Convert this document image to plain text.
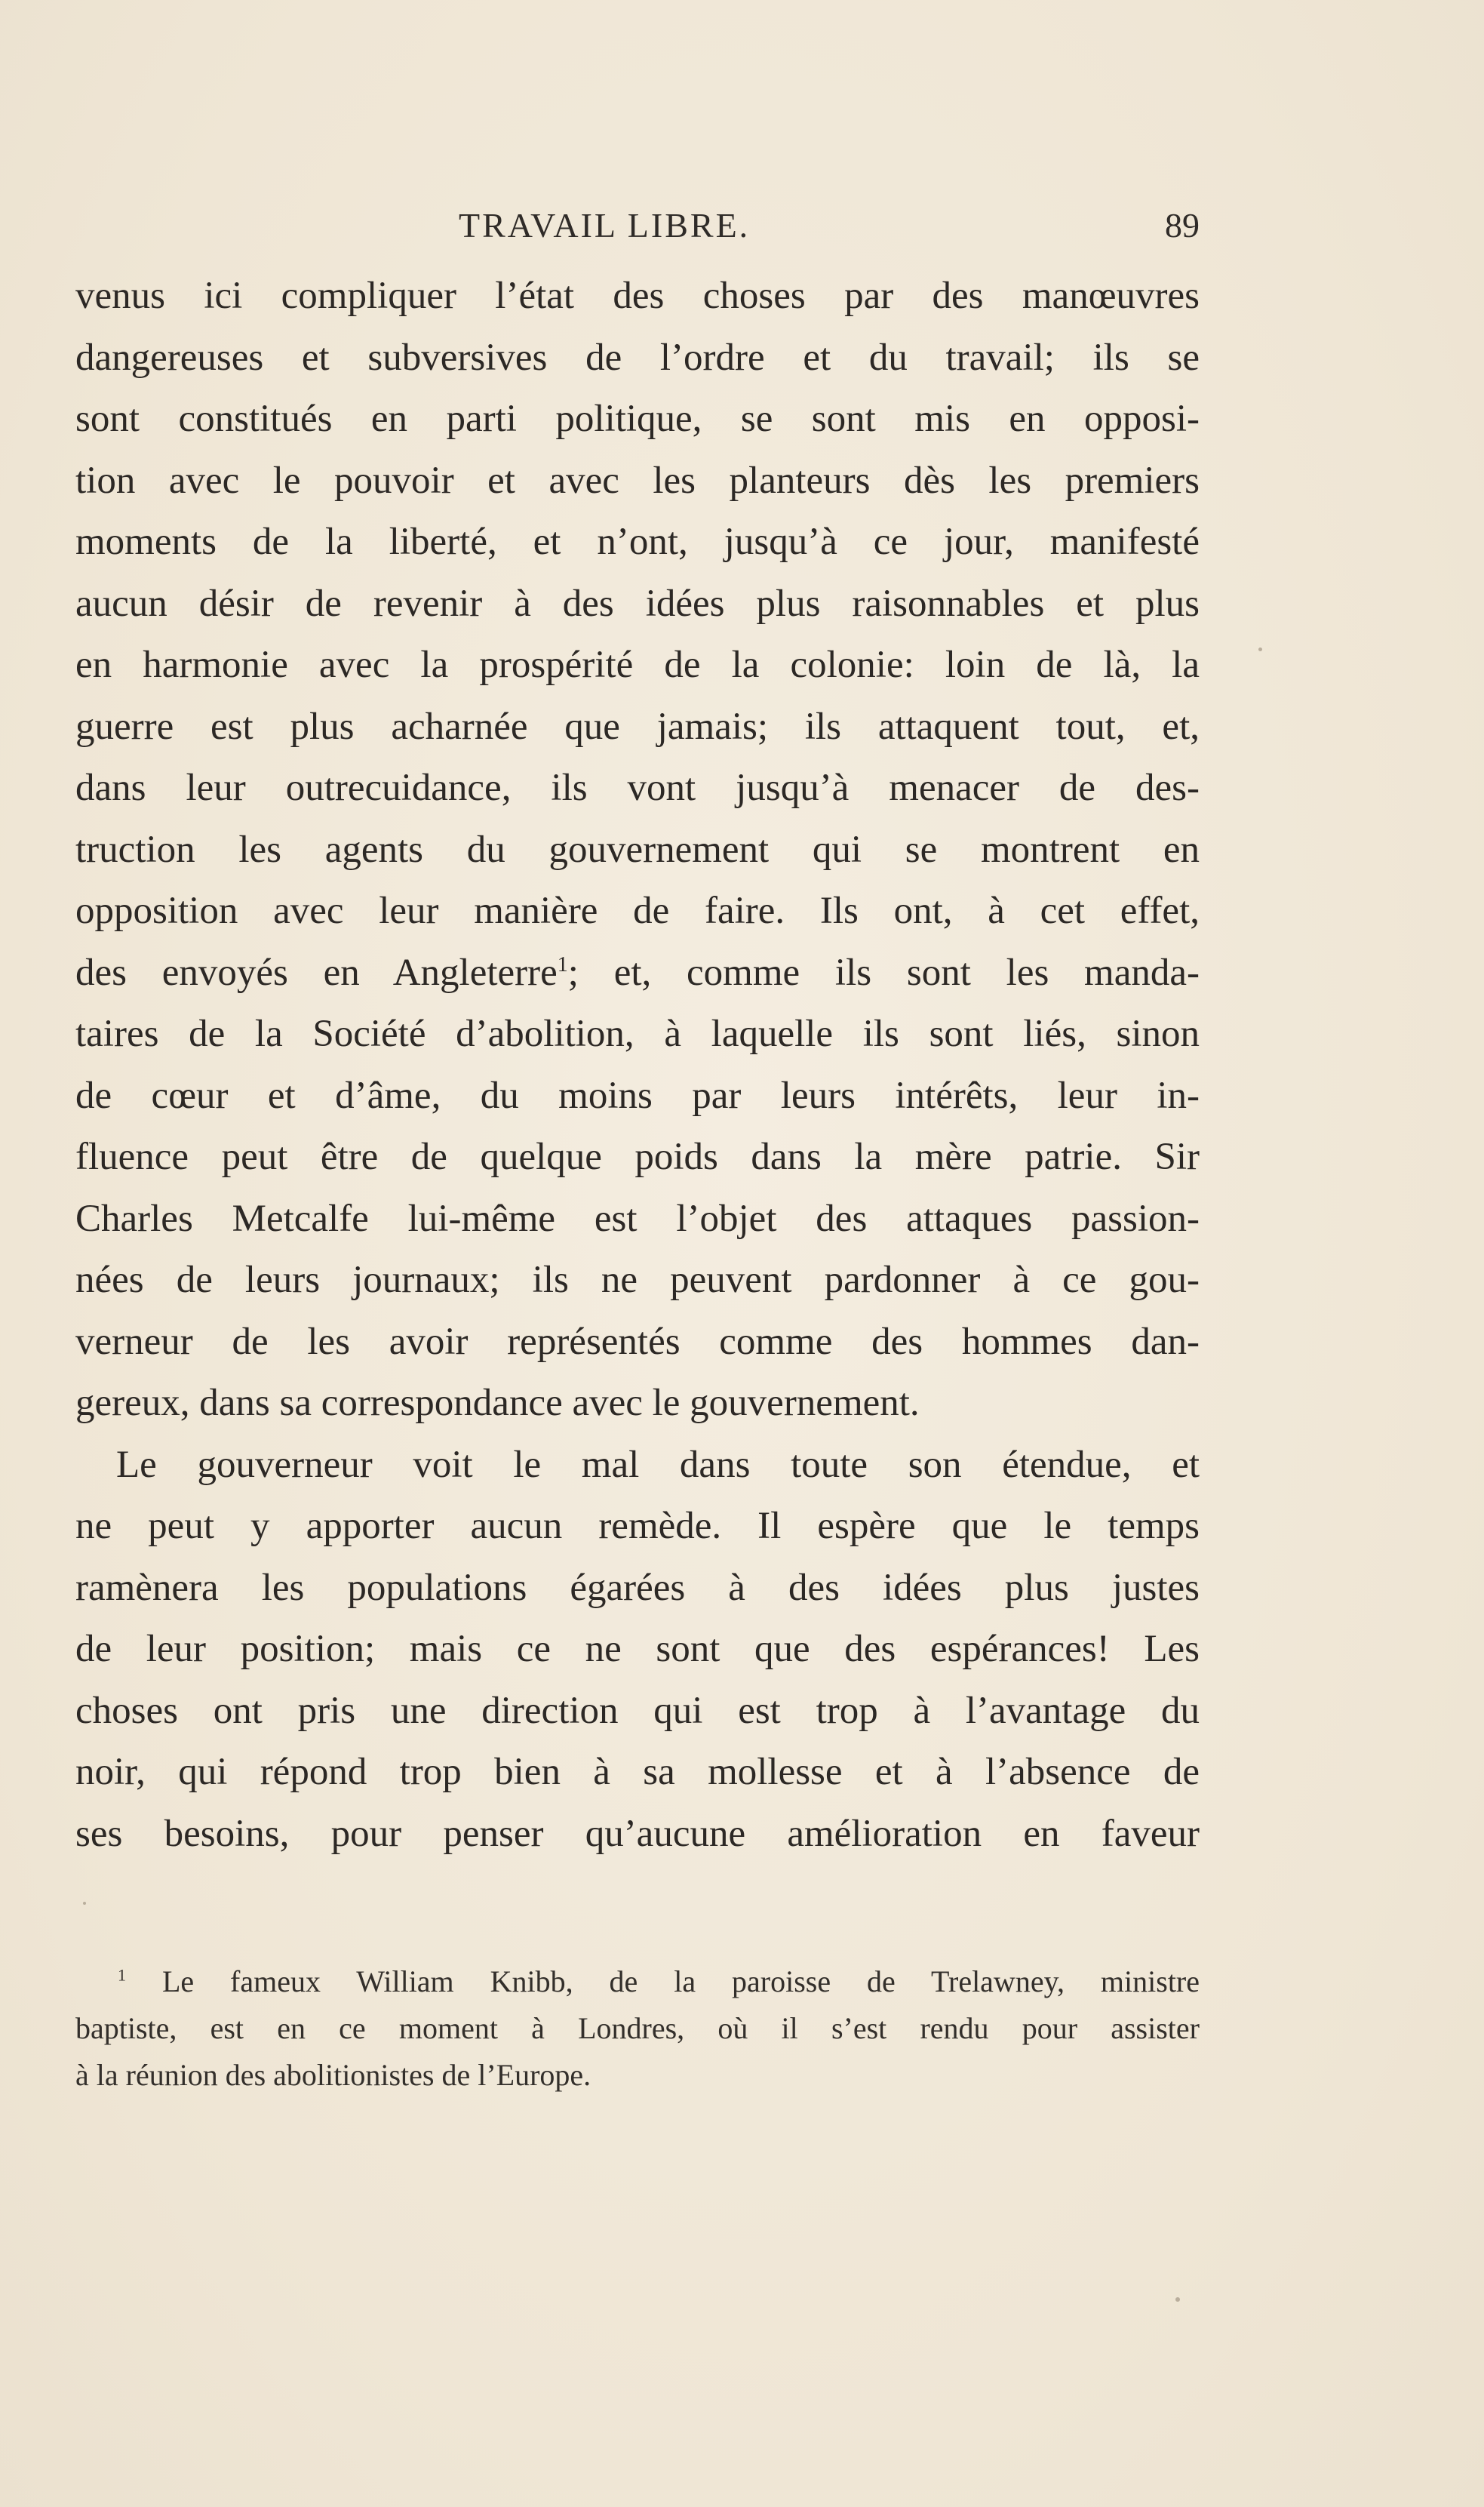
TRAVAIL LIBRE.	89
venus ici compliquer l’état des choses par des manœuvres
dangereuses et subversives de l’ordre et du travail; ils se
sont constitués en parti politique, se sont mis en opposi-
tion avec le pouvoir et avec les planteurs dès les premiers
moments de la liberté, et n’ont, jusqu’à ce jour, manifesté
aucun désir de revenir à des idées plus raisonnables et plus
en harmonie avec la prospérité de la colonie: loin de là, la
guerre est plus acharnée que jamais; ils attaquent tout, et,
dans leur outrecuidance, ils vont jusqu’à menacer de des-
truction les agents du gouvernement qui se montrent en
opposition avec leur manière de faire. Ils ont, à cet effet,
des envoyés en Angleterre$^1$; et, comme ils sont les manda-
taires de la Société d’abolition, à laquelle ils sont liés, sinon
de cœur et d’âme, du moins par leurs intérêts, leur in-
fluence peut être de quelque poids dans la mère patrie. Sir
Charles Metcalfe lui-même est l’objet des attaques passion-
nées de leurs journaux; ils ne peuvent pardonner à ce gou-
verneur de les avoir représentés comme des hommes dan-
gereux, dans sa correspondance avec le gouvernement.
Le gouverneur voit le mal dans toute son étendue, et
ne peut y apporter aucun remède. Il espère que le temps
ramènera les populations égarées à des idées plus justes
de leur position; mais ce ne sont que des espérances! Les
choses ont pris une direction qui est trop à l’avantage du
noir, qui répond trop bien à sa mollesse et à l’absence de
ses besoins, pour penser qu’aucune amélioration en faveur
$^1$ Le fameux William Knibb, de la paroisse de Trelawney, ministre
baptiste, est en ce moment à Londres, où il s’est rendu pour assister
à la réunion des abolitionistes de l’Europe.
